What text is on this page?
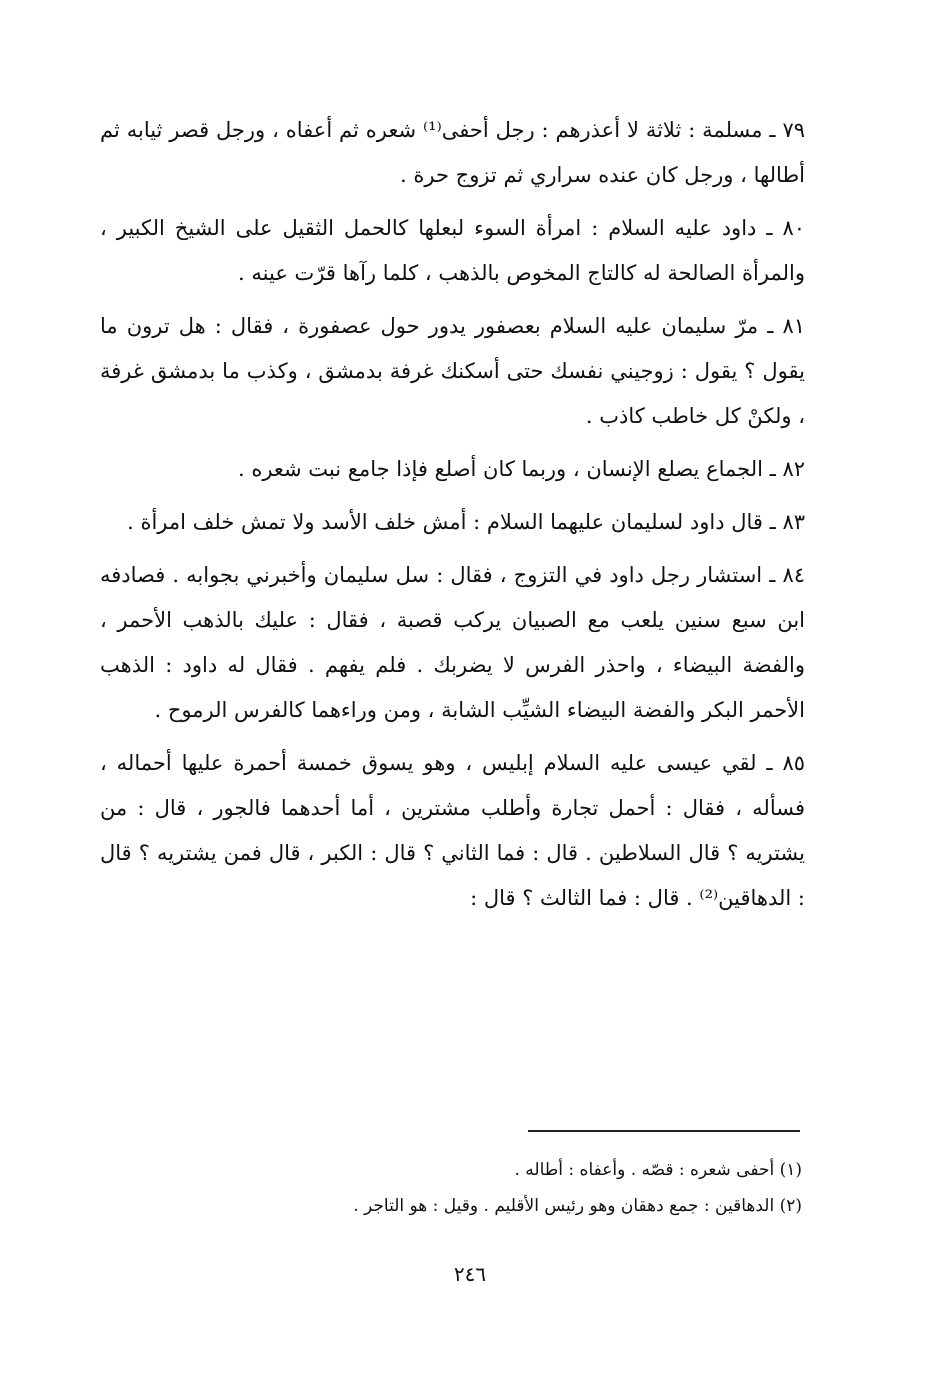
٧٩ ـ مسلمة : ثلاثة لا أعذرهم : رجل أحفى⁽¹⁾ شعره ثم أعفاه ، ورجل قصر ثيابه ثم أطالها ، ورجل كان عنده سراري ثم تزوج حرة .

٨٠ ـ داود عليه السلام : امرأة السوء لبعلها كالحمل الثقيل على الشيخ الكبير ، والمرأة الصالحة له كالتاج المخوص بالذهب ، كلما رآها قرّت عينه .

٨١ ـ مرّ سليمان عليه السلام بعصفور يدور حول عصفورة ، فقال : هل ترون ما يقول ؟ يقول : زوجيني نفسك حتى أسكنك غرفة بدمشق ، وكذب ما بدمشق غرفة ، ولكنْ كل خاطب كاذب .

٨٢ ـ الجماع يصلع الإنسان ، وربما كان أصلع فإذا جامع نبت شعره .

٨٣ ـ قال داود لسليمان عليهما السلام : أمش خلف الأسد ولا تمش خلف امرأة .

٨٤ ـ استشار رجل داود في التزوج ، فقال : سل سليمان وأخبرني بجوابه . فصادفه ابن سبع سنين يلعب مع الصبيان يركب قصبة ، فقال : عليك بالذهب الأحمر ، والفضة البيضاء ، واحذر الفرس لا يضربك . فلم يفهم . فقال له داود : الذهب الأحمر البكر والفضة البيضاء الشيِّب الشابة ، ومن وراءهما كالفرس الرموح .

٨٥ ـ لقي عيسى عليه السلام إبليس ، وهو يسوق خمسة أحمرة عليها أحماله ، فسأله ، فقال : أحمل تجارة وأطلب مشترين ، أما أحدهما فالجور ، قال : من يشتريه ؟ قال السلاطين . قال : فما الثاني ؟ قال : الكبر ، قال فمن يشتريه ؟ قال : الدهاقين⁽²⁾ . قال : فما الثالث ؟ قال :

(١) أحفى شعره : قصّه . وأعفاه : أطاله .

(٢) الدهاقين : جمع دهقان وهو رئيس الأقليم . وقيل : هو التاجر .

٢٤٦
